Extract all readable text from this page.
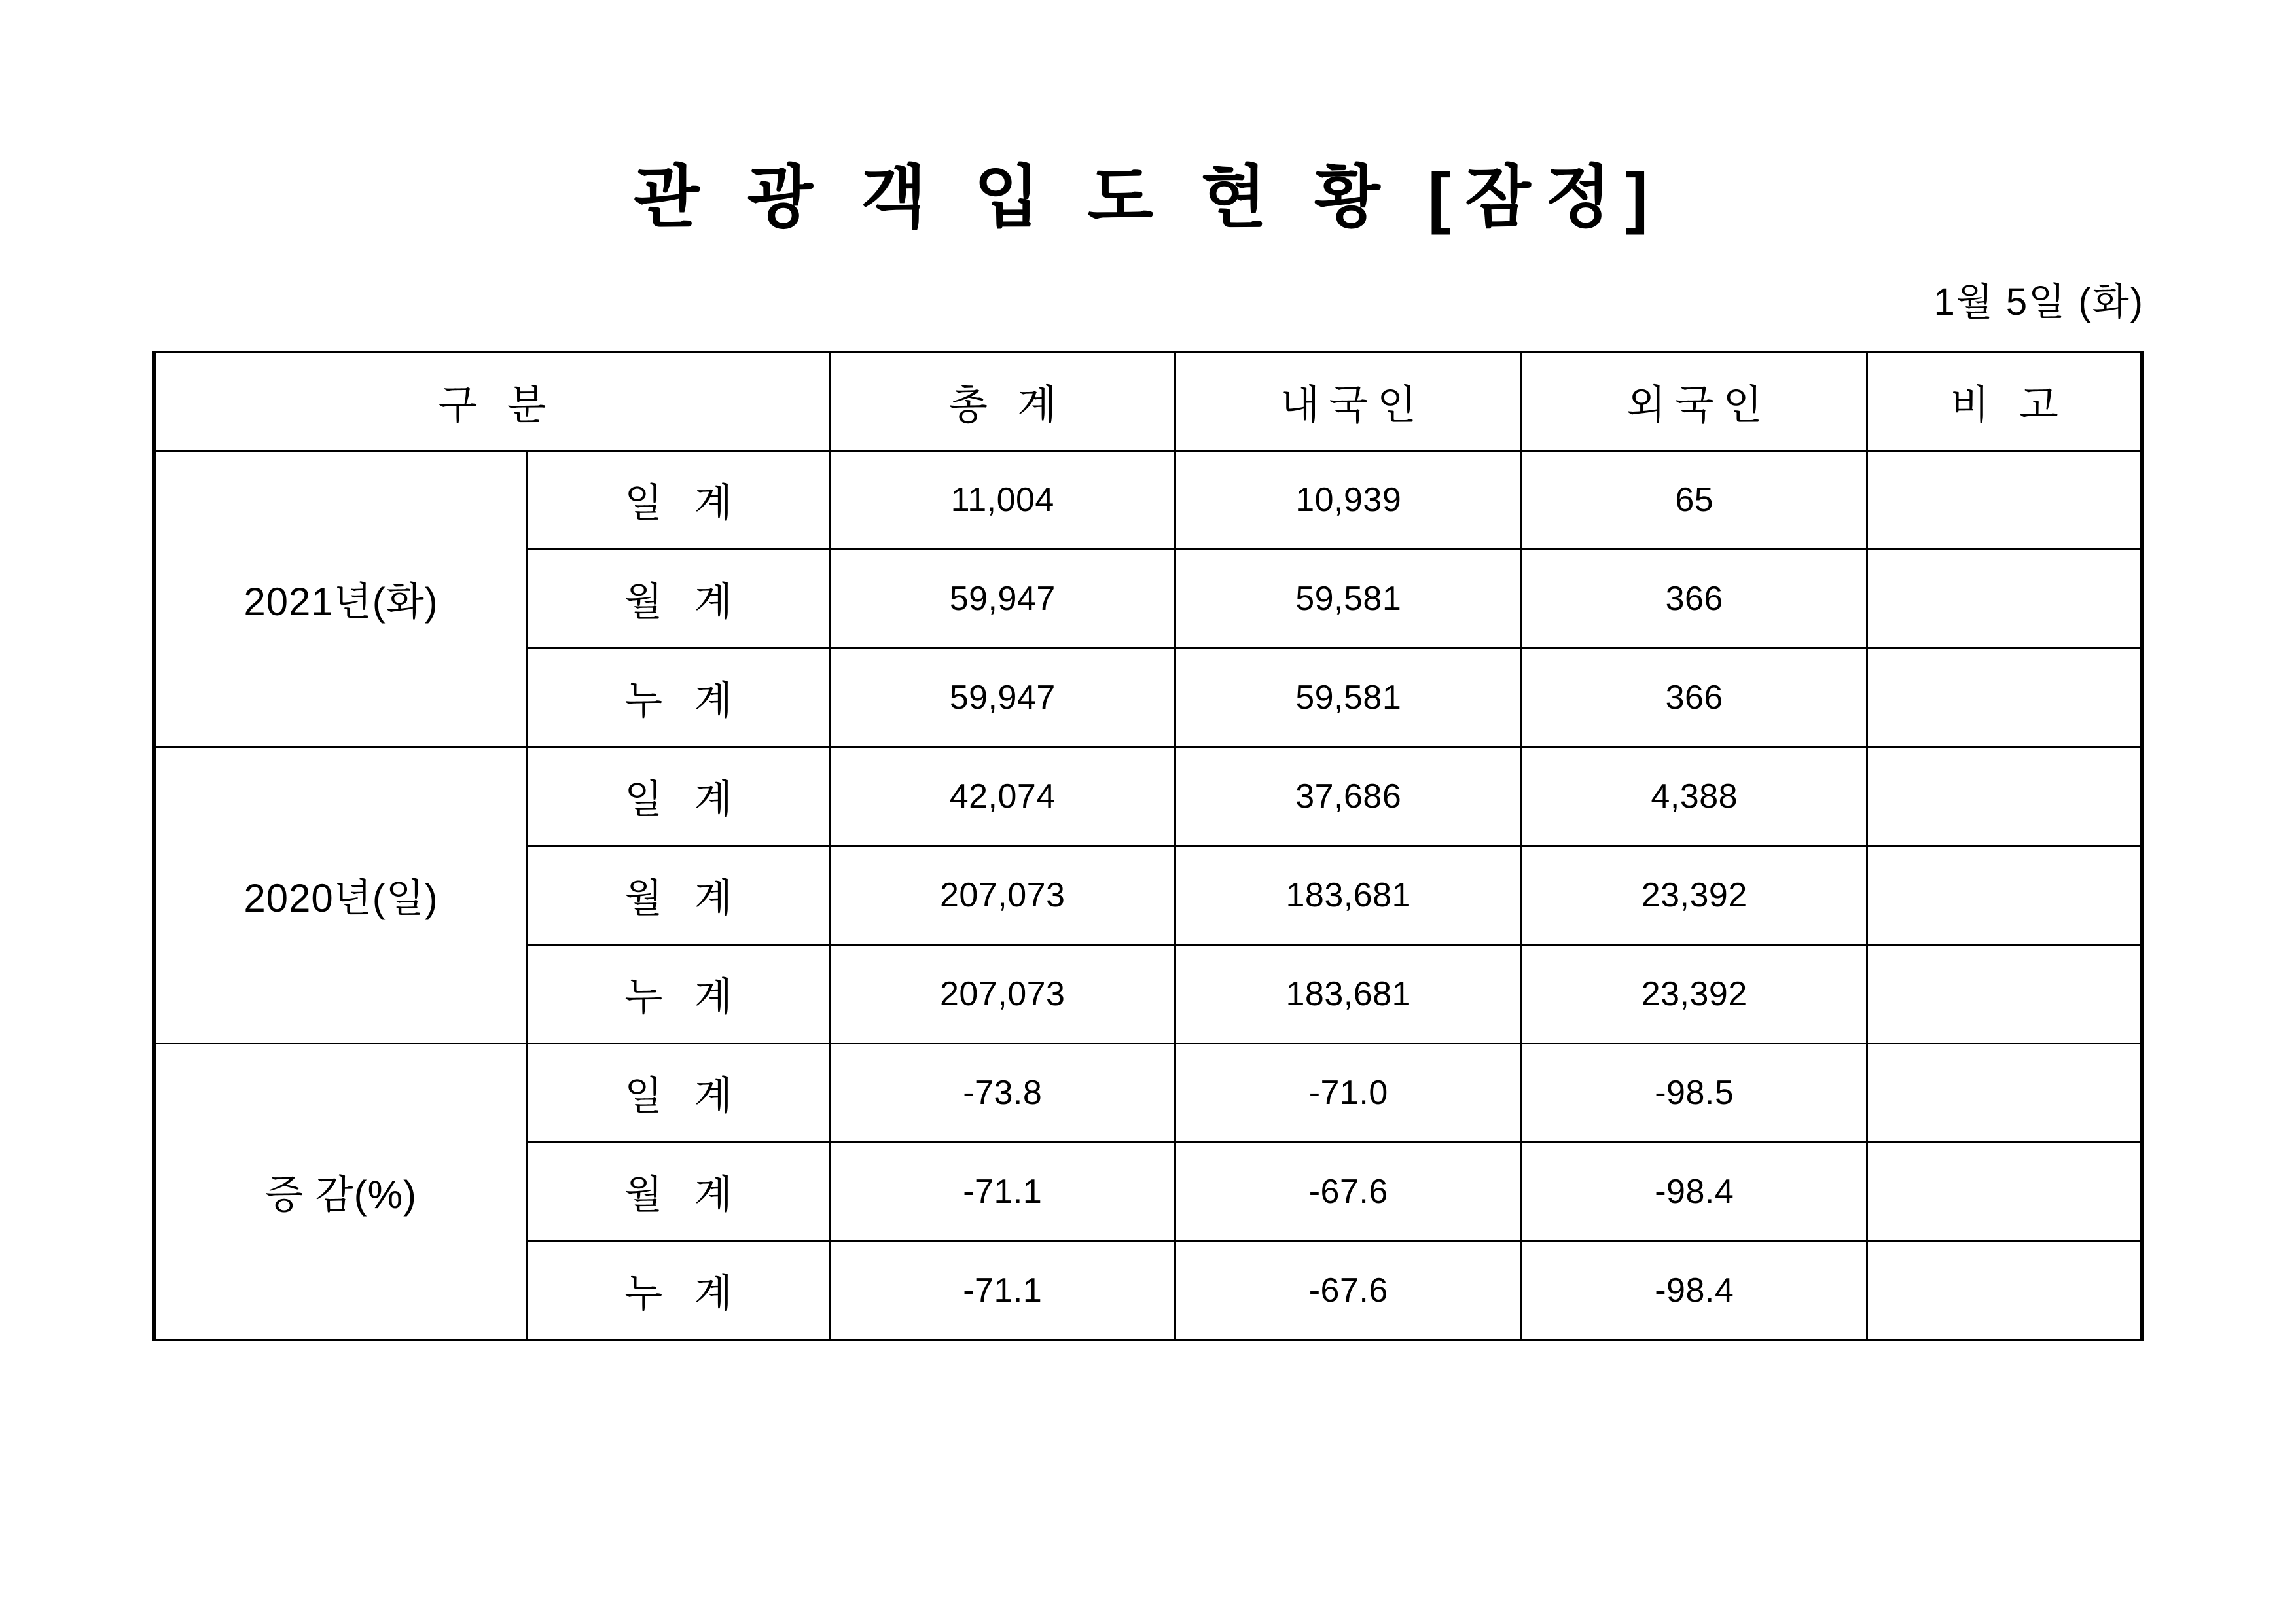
관 광 객 입 도 현 황 [잠정]
1월 5일 (화)
구 분		총 계	내국인	외국인	비 고
2021년(화)	일 계	11,004	10,939	65	
	월 계	59,947	59,581	366	
	누 계	59,947	59,581	366	
2020년(일)	일 계	42,074	37,686	4,388	
	월 계	207,073	183,681	23,392	
	누 계	207,073	183,681	23,392	
증 감(%)	일 계	-73.8	-71.0	-98.5	
	월 계	-71.1	-67.6	-98.4	
	누 계	-71.1	-67.6	-98.4	
